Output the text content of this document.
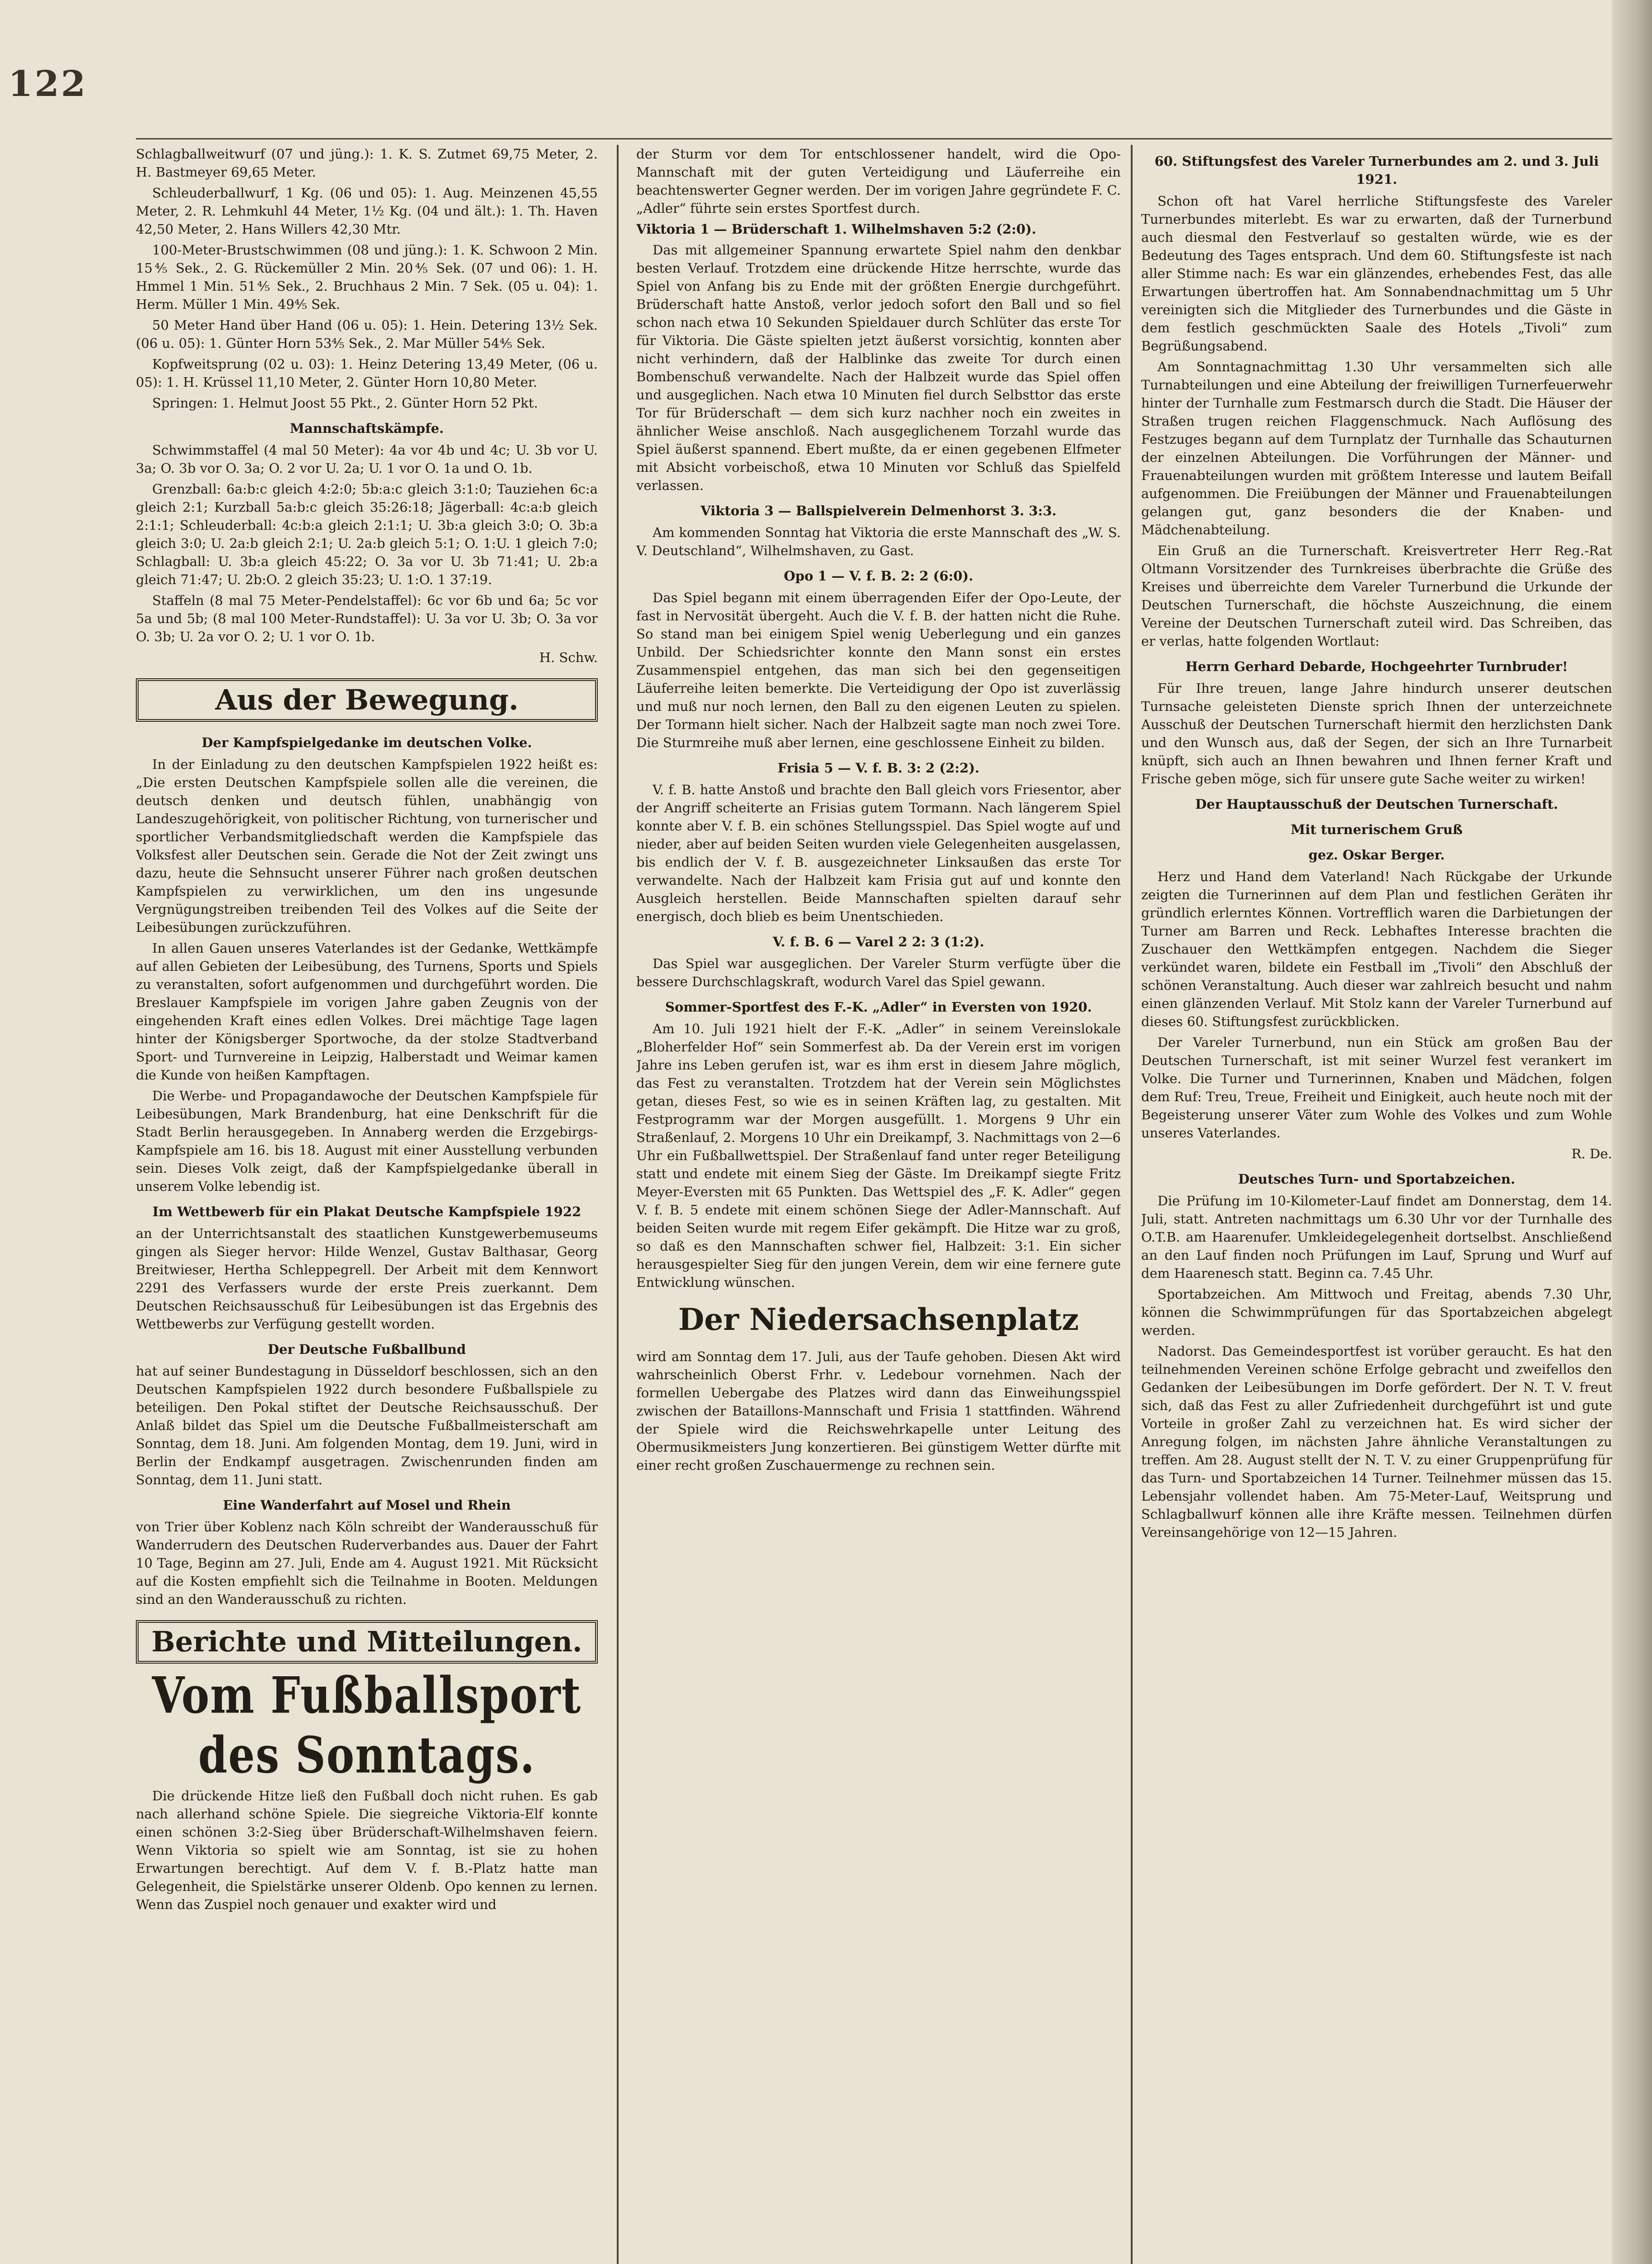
122

Schlagballweitwurf (07 und jüng.): 1. K. S. Zutmet 69,75 Meter, 2. H. Bastmeyer 69,65 Meter.

Schleuderballwurf, 1 Kg. (06 und 05): 1. Aug. Meinzenen 45,55 Meter, 2. R. Lehmkuhl 44 Meter, 1½ Kg. (04 und ält.): 1. Th. Haven 42,50 Meter, 2. Hans Willers 42,30 Mtr.

100-Meter-Brustschwimmen (08 und jüng.): 1. K. Schwoon 2 Min. 15⅘ Sek., 2. G. Rückemüller 2 Min. 20⅘ Sek. (07 und 06): 1. H. Hmmel 1 Min. 51⅘ Sek., 2. Bruchhaus 2 Min. 7 Sek. (05 u. 04): 1. Herm. Müller 1 Min. 49⅘ Sek.

50 Meter Hand über Hand (06 u. 05): 1. Hein. Detering 13½ Sek. (06 u. 05): 1. Günter Horn 53⅘ Sek., 2. Mar Müller 54⅘ Sek.

Kopfweitsprung (02 u. 03): 1. Heinz Detering 13,49 Meter, (06 u. 05): 1. H. Krüssel 11,10 Meter, 2. Günter Horn 10,80 Meter.

Springen: 1. Helmut Joost 55 Pkt., 2. Günter Horn 52 Pkt.

Mannschaftskämpfe.

Schwimmstaffel (4 mal 50 Meter): 4a vor 4b und 4c; U. 3b vor U. 3a; O. 3b vor O. 3a; O. 2 vor U. 2a; U. 1 vor O. 1a und O. 1b.

Grenzball: 6a:b:c gleich 4:2:0; 5b:a:c gleich 3:1:0; Tauziehen 6c:a gleich 2:1; Kurzball 5a:b:c gleich 35:26:18; Jägerball: 4c:a:b gleich 2:1:1; Schleuderball: 4c:b:a gleich 2:1:1; U. 3b:a gleich 3:0; O. 3b:a gleich 3:0; U. 2a:b gleich 2:1; U. 2a:b gleich 5:1; O. 1:U. 1 gleich 7:0; Schlagball: U. 3b:a gleich 45:22; O. 3a vor U. 3b 71:41; U. 2b:a gleich 71:47; U. 2b:O. 2 gleich 35:23; U. 1:O. 1 37:19.

Staffeln (8 mal 75 Meter-Pendelstaffel): 6c vor 6b und 6a; 5c vor 5a und 5b; (8 mal 100 Meter-Rundstaffel): U. 3a vor U. 3b; O. 3a vor O. 3b; U. 2a vor O. 2; U. 1 vor O. 1b.

H. Schw.

Aus der Bewegung.

Der Kampfspielgedanke im deutschen Volke.

In der Einladung zu den deutschen Kampfspielen 1922 heißt es: „Die ersten Deutschen Kampfspiele sollen alle die vereinen, die deutsch denken und deutsch fühlen, unabhängig von Landeszugehörigkeit, von politischer Richtung, von turnerischer und sportlicher Verbandsmitgliedschaft werden die Kampfspiele das Volksfest aller Deutschen sein. Gerade die Not der Zeit zwingt uns dazu, heute die Sehnsucht unserer Führer nach großen deutschen Kampfspielen zu verwirklichen, um den ins ungesunde Vergnügungstreiben treibenden Teil des Volkes auf die Seite der Leibesübungen zurückzuführen.

In allen Gauen unseres Vaterlandes ist der Gedanke, Wettkämpfe auf allen Gebieten der Leibesübung, des Turnens, Sports und Spiels zu veranstalten, sofort aufgenommen und durchgeführt worden. Die Breslauer Kampfspiele im vorigen Jahre gaben Zeugnis von der eingehenden Kraft eines edlen Volkes. Drei mächtige Tage lagen hinter der Königsberger Sportwoche, da der stolze Stadtverband Sport- und Turnvereine in Leipzig, Halberstadt und Weimar kamen die Kunde von heißen Kampftagen.

Die Werbe- und Propagandawoche der Deutschen Kampfspiele für Leibesübungen, Mark Brandenburg, hat eine Denkschrift für die Stadt Berlin herausgegeben. In Annaberg werden die Erzgebirgs-Kampfspiele am 16. bis 18. August mit einer Ausstellung verbunden sein. Dieses Volk zeigt, daß der Kampfspielgedanke überall in unserem Volke lebendig ist.

Im Wettbewerb für ein Plakat Deutsche Kampfspiele 1922

an der Unterrichtsanstalt des staatlichen Kunstgewerbemuseums gingen als Sieger hervor: Hilde Wenzel, Gustav Balthasar, Georg Breitwieser, Hertha Schleppegrell. Der Arbeit mit dem Kennwort 2291 des Verfassers wurde der erste Preis zuerkannt. Dem Deutschen Reichsausschuß für Leibesübungen ist das Ergebnis des Wettbewerbs zur Verfügung gestellt worden.

Der Deutsche Fußballbund

hat auf seiner Bundestagung in Düsseldorf beschlossen, sich an den Deutschen Kampfspielen 1922 durch besondere Fußballspiele zu beteiligen. Den Pokal stiftet der Deutsche Reichsausschuß. Der Anlaß bildet das Spiel um die Deutsche Fußballmeisterschaft am Sonntag, dem 18. Juni. Am folgenden Montag, dem 19. Juni, wird in Berlin der Endkampf ausgetragen. Zwischenrunden finden am Sonntag, dem 11. Juni statt.

Eine Wanderfahrt auf Mosel und Rhein

von Trier über Koblenz nach Köln schreibt der Wanderausschuß für Wanderrudern des Deutschen Ruderverbandes aus. Dauer der Fahrt 10 Tage, Beginn am 27. Juli, Ende am 4. August 1921. Mit Rücksicht auf die Kosten empfiehlt sich die Teilnahme in Booten. Meldungen sind an den Wanderausschuß zu richten.

Berichte und Mitteilungen.
Vom Fußballsport des Sonntags.

Die drückende Hitze ließ den Fußball doch nicht ruhen. Es gab nach allerhand schöne Spiele. Die siegreiche Viktoria-Elf konnte einen schönen 3:2-Sieg über Brüderschaft-Wilhelmshaven feiern. Wenn Viktoria so spielt wie am Sonntag, ist sie zu hohen Erwartungen berechtigt. Auf dem V. f. B.-Platz hatte man Gelegenheit, die Spielstärke unserer Oldenb. Opo kennen zu lernen. Wenn das Zuspiel noch genauer und exakter wird und

der Sturm vor dem Tor entschlossener handelt, wird die Opo-Mannschaft mit der guten Verteidigung und Läuferreihe ein beachtenswerter Gegner werden. Der im vorigen Jahre gegründete F. C. „Adler“ führte sein erstes Sportfest durch.

Viktoria 1 — Brüderschaft 1. Wilhelmshaven 5:2 (2:0).

Das mit allgemeiner Spannung erwartete Spiel nahm den denkbar besten Verlauf. Trotzdem eine drückende Hitze herrschte, wurde das Spiel von Anfang bis zu Ende mit der größten Energie durchgeführt. Brüderschaft hatte Anstoß, verlor jedoch sofort den Ball und so fiel schon nach etwa 10 Sekunden Spieldauer durch Schlüter das erste Tor für Viktoria. Die Gäste spielten jetzt äußerst vorsichtig, konnten aber nicht verhindern, daß der Halblinke das zweite Tor durch einen Bombenschuß verwandelte. Nach der Halbzeit wurde das Spiel offen und ausgeglichen. Nach etwa 10 Minuten fiel durch Selbsttor das erste Tor für Brüderschaft — dem sich kurz nachher noch ein zweites in ähnlicher Weise anschloß. Nach ausgeglichenem Torzahl wurde das Spiel äußerst spannend. Ebert mußte, da er einen gegebenen Elfmeter mit Absicht vorbeischoß, etwa 10 Minuten vor Schluß das Spielfeld verlassen.

Viktoria 3 — Ballspielverein Delmenhorst 3. 3:3.

Am kommenden Sonntag hat Viktoria die erste Mannschaft des „W. S. V. Deutschland“, Wilhelmshaven, zu Gast.

Opo 1 — V. f. B. 2: 2 (6:0).

Das Spiel begann mit einem überragenden Eifer der Opo-Leute, der fast in Nervosität übergeht. Auch die V. f. B. der hatten nicht die Ruhe. So stand man bei einigem Spiel wenig Ueberlegung und ein ganzes Unbild. Der Schiedsrichter konnte den Mann sonst ein erstes Zusammenspiel entgehen, das man sich bei den gegenseitigen Läuferreihe leiten bemerkte. Die Verteidigung der Opo ist zuverlässig und muß nur noch lernen, den Ball zu den eigenen Leuten zu spielen. Der Tormann hielt sicher. Nach der Halbzeit sagte man noch zwei Tore. Die Sturmreihe muß aber lernen, eine geschlossene Einheit zu bilden.

Frisia 5 — V. f. B. 3: 2 (2:2).

V. f. B. hatte Anstoß und brachte den Ball gleich vors Friesentor, aber der Angriff scheiterte an Frisias gutem Tormann. Nach längerem Spiel konnte aber V. f. B. ein schönes Stellungsspiel. Das Spiel wogte auf und nieder, aber auf beiden Seiten wurden viele Gelegenheiten ausgelassen, bis endlich der V. f. B. ausgezeichneter Linksaußen das erste Tor verwandelte. Nach der Halbzeit kam Frisia gut auf und konnte den Ausgleich herstellen. Beide Mannschaften spielten darauf sehr energisch, doch blieb es beim Unentschieden.

V. f. B. 6 — Varel 2 2: 3 (1:2).

Das Spiel war ausgeglichen. Der Vareler Sturm verfügte über die bessere Durchschlagskraft, wodurch Varel das Spiel gewann.

Sommer-Sportfest des F.-K. „Adler“ in Eversten von 1920.

Am 10. Juli 1921 hielt der F.-K. „Adler“ in seinem Vereinslokale „Bloherfelder Hof“ sein Sommerfest ab. Da der Verein erst im vorigen Jahre ins Leben gerufen ist, war es ihm erst in diesem Jahre möglich, das Fest zu veranstalten. Trotzdem hat der Verein sein Möglichstes getan, dieses Fest, so wie es in seinen Kräften lag, zu gestalten. Mit Festprogramm war der Morgen ausgefüllt. 1. Morgens 9 Uhr ein Straßenlauf, 2. Morgens 10 Uhr ein Dreikampf, 3. Nachmittags von 2—6 Uhr ein Fußballwettspiel. Der Straßenlauf fand unter reger Beteiligung statt und endete mit einem Sieg der Gäste. Im Dreikampf siegte Fritz Meyer-Eversten mit 65 Punkten. Das Wettspiel des „F. K. Adler“ gegen V. f. B. 5 endete mit einem schönen Siege der Adler-Mannschaft. Auf beiden Seiten wurde mit regem Eifer gekämpft. Die Hitze war zu groß, so daß es den Mannschaften schwer fiel, Halbzeit: 3:1. Ein sicher herausgespielter Sieg für den jungen Verein, dem wir eine fernere gute Entwicklung wünschen.

Der Niedersachsenplatz

wird am Sonntag dem 17. Juli, aus der Taufe gehoben. Diesen Akt wird wahrscheinlich Oberst Frhr. v. Ledebour vornehmen. Nach der formellen Uebergabe des Platzes wird dann das Einweihungsspiel zwischen der Bataillons-Mannschaft und Frisia 1 stattfinden. Während der Spiele wird die Reichswehrkapelle unter Leitung des Obermusikmeisters Jung konzertieren. Bei günstigem Wetter dürfte mit einer recht großen Zuschauermenge zu rechnen sein.

60. Stiftungsfest des Vareler Turnerbundes am 2. und 3. Juli 1921.

Schon oft hat Varel herrliche Stiftungsfeste des Vareler Turnerbundes miterlebt. Es war zu erwarten, daß der Turnerbund auch diesmal den Festverlauf so gestalten würde, wie es der Bedeutung des Tages entsprach. Und dem 60. Stiftungsfeste ist nach aller Stimme nach: Es war ein glänzendes, erhebendes Fest, das alle Erwartungen übertroffen hat. Am Sonnabendnachmittag um 5 Uhr vereinigten sich die Mitglieder des Turnerbundes und die Gäste in dem festlich geschmückten Saale des Hotels „Tivoli“ zum Begrüßungsabend.

Am Sonntagnachmittag 1.30 Uhr versammelten sich alle Turnabteilungen und eine Abteilung der freiwilligen Turnerfeuerwehr hinter der Turnhalle zum Festmarsch durch die Stadt. Die Häuser der Straßen trugen reichen Flaggenschmuck. Nach Auflösung des Festzuges begann auf dem Turnplatz der Turnhalle das Schauturnen der einzelnen Abteilungen. Die Vorführungen der Männer- und Frauenabteilungen wurden mit größtem Interesse und lautem Beifall aufgenommen. Die Freiübungen der Männer und Frauenabteilungen gelangen gut, ganz besonders die der Knaben- und Mädchenabteilung.

Ein Gruß an die Turnerschaft. Kreisvertreter Herr Reg.-Rat Oltmann Vorsitzender des Turnkreises überbrachte die Grüße des Kreises und überreichte dem Vareler Turnerbund die Urkunde der Deutschen Turnerschaft, die höchste Auszeichnung, die einem Vereine der Deutschen Turnerschaft zuteil wird. Das Schreiben, das er verlas, hatte folgenden Wortlaut:

Herrn Gerhard Debarde, Hochgeehrter Turnbruder!

Für Ihre treuen, lange Jahre hindurch unserer deutschen Turnsache geleisteten Dienste sprich Ihnen der unterzeichnete Ausschuß der Deutschen Turnerschaft hiermit den herzlichsten Dank und den Wunsch aus, daß der Segen, der sich an Ihre Turnarbeit knüpft, sich auch an Ihnen bewahren und Ihnen ferner Kraft und Frische geben möge, sich für unsere gute Sache weiter zu wirken!

Der Hauptausschuß der Deutschen Turnerschaft.

Mit turnerischem Gruß

gez. Oskar Berger.

Herz und Hand dem Vaterland! Nach Rückgabe der Urkunde zeigten die Turnerinnen auf dem Plan und festlichen Geräten ihr gründlich erlerntes Können. Vortrefflich waren die Darbietungen der Turner am Barren und Reck. Lebhaftes Interesse brachten die Zuschauer den Wettkämpfen entgegen. Nachdem die Sieger verkündet waren, bildete ein Festball im „Tivoli“ den Abschluß der schönen Veranstaltung. Auch dieser war zahlreich besucht und nahm einen glänzenden Verlauf. Mit Stolz kann der Vareler Turnerbund auf dieses 60. Stiftungsfest zurückblicken.

Der Vareler Turnerbund, nun ein Stück am großen Bau der Deutschen Turnerschaft, ist mit seiner Wurzel fest verankert im Volke. Die Turner und Turnerinnen, Knaben und Mädchen, folgen dem Ruf: Treu, Treue, Freiheit und Einigkeit, auch heute noch mit der Begeisterung unserer Väter zum Wohle des Volkes und zum Wohle unseres Vaterlandes.

R. De.

Deutsches Turn- und Sportabzeichen.

Die Prüfung im 10-Kilometer-Lauf findet am Donnerstag, dem 14. Juli, statt. Antreten nachmittags um 6.30 Uhr vor der Turnhalle des O.T.B. am Haarenufer. Umkleidegelegenheit dortselbst. Anschließend an den Lauf finden noch Prüfungen im Lauf, Sprung und Wurf auf dem Haarenesch statt. Beginn ca. 7.45 Uhr.

Sportabzeichen. Am Mittwoch und Freitag, abends 7.30 Uhr, können die Schwimmprüfungen für das Sportabzeichen abgelegt werden.

Nadorst. Das Gemeindesportfest ist vorüber geraucht. Es hat den teilnehmenden Vereinen schöne Erfolge gebracht und zweifellos den Gedanken der Leibesübungen im Dorfe gefördert. Der N. T. V. freut sich, daß das Fest zu aller Zufriedenheit durchgeführt ist und gute Vorteile in großer Zahl zu verzeichnen hat. Es wird sicher der Anregung folgen, im nächsten Jahre ähnliche Veranstaltungen zu treffen. Am 28. August stellt der N. T. V. zu einer Gruppenprüfung für das Turn- und Sportabzeichen 14 Turner. Teilnehmer müssen das 15. Lebensjahr vollendet haben. Am 75-Meter-Lauf, Weitsprung und Schlagballwurf können alle ihre Kräfte messen. Teilnehmen dürfen Vereinsangehörige von 12—15 Jahren.
